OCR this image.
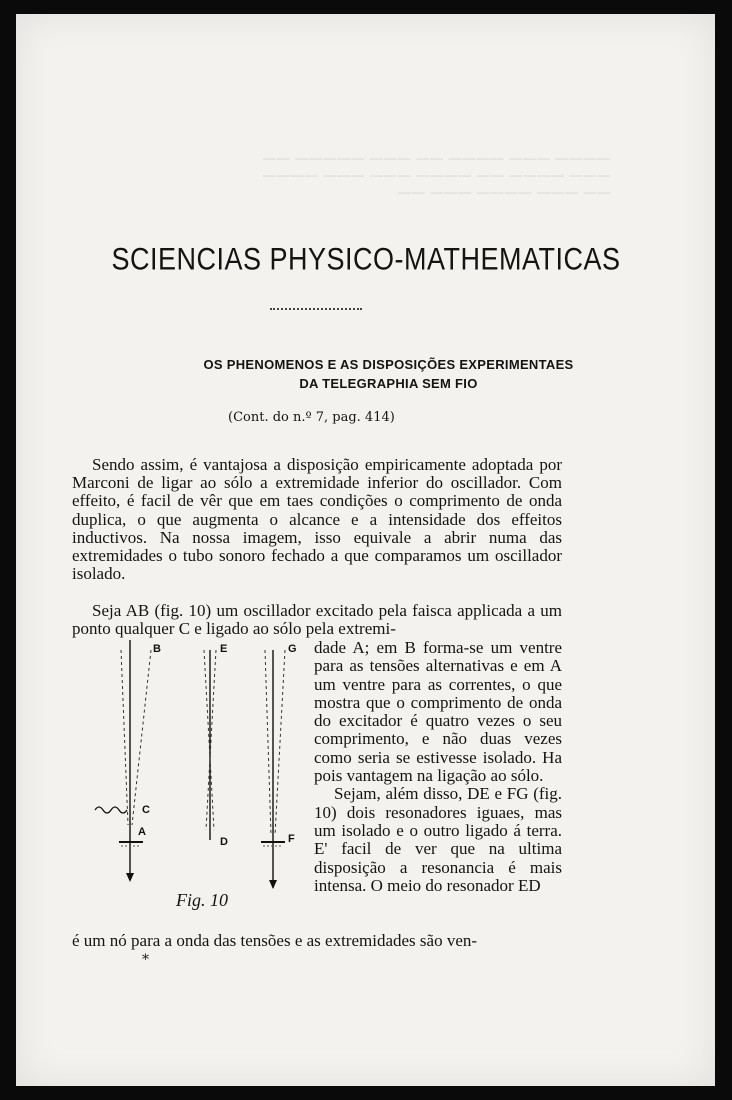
———— ——— ———— —— ——— ————— ——
——— ———— —— ———— ——— ——— ————
—— ——— ———— ——— ——

SCIENCIAS PHYSICO-MATHEMATICAS
OS PHENOMENOS E AS DISPOSIÇÕES EXPERIMENTAES
DA TELEGRAPHIA SEM FIO
(Cont. do n.º 7, pag. 414)
Sendo assim, é vantajosa a disposição empiricamente adoptada por Marconi de ligar ao sólo a extremidade inferior do oscillador. Com effeito, é facil de vêr que em taes condições o comprimento de onda duplica, o que augmenta o alcance e a intensidade dos effeitos inductivos. Na nossa imagem, isso equivale a abrir numa das extremidades o tubo sonoro fechado a que comparamos um oscillador isolado.
Seja AB (fig. 10) um oscillador excitado pela faisca applicada a um ponto qualquer C e ligado ao sólo pela extremi-
dade A; em B forma-se um ventre para as tensões alternativas e em A um ventre para as correntes, o que mostra que o comprimento de onda do excitador é quatro vezes o seu comprimento, e não duas vezes como seria se estivesse isolado. Ha pois vantagem na ligação ao sólo.
Sejam, além disso, DE e FG (fig. 10) dois resonadores iguaes, mas um isolado e o outro ligado á terra. E' facil de ver que na ultima disposição a resonancia é mais intensa. O meio do resonador ED
B
C
A
E
D
G
F
Fig. 10
é um nó para a onda das tensões e as extremidades são ven-
*
